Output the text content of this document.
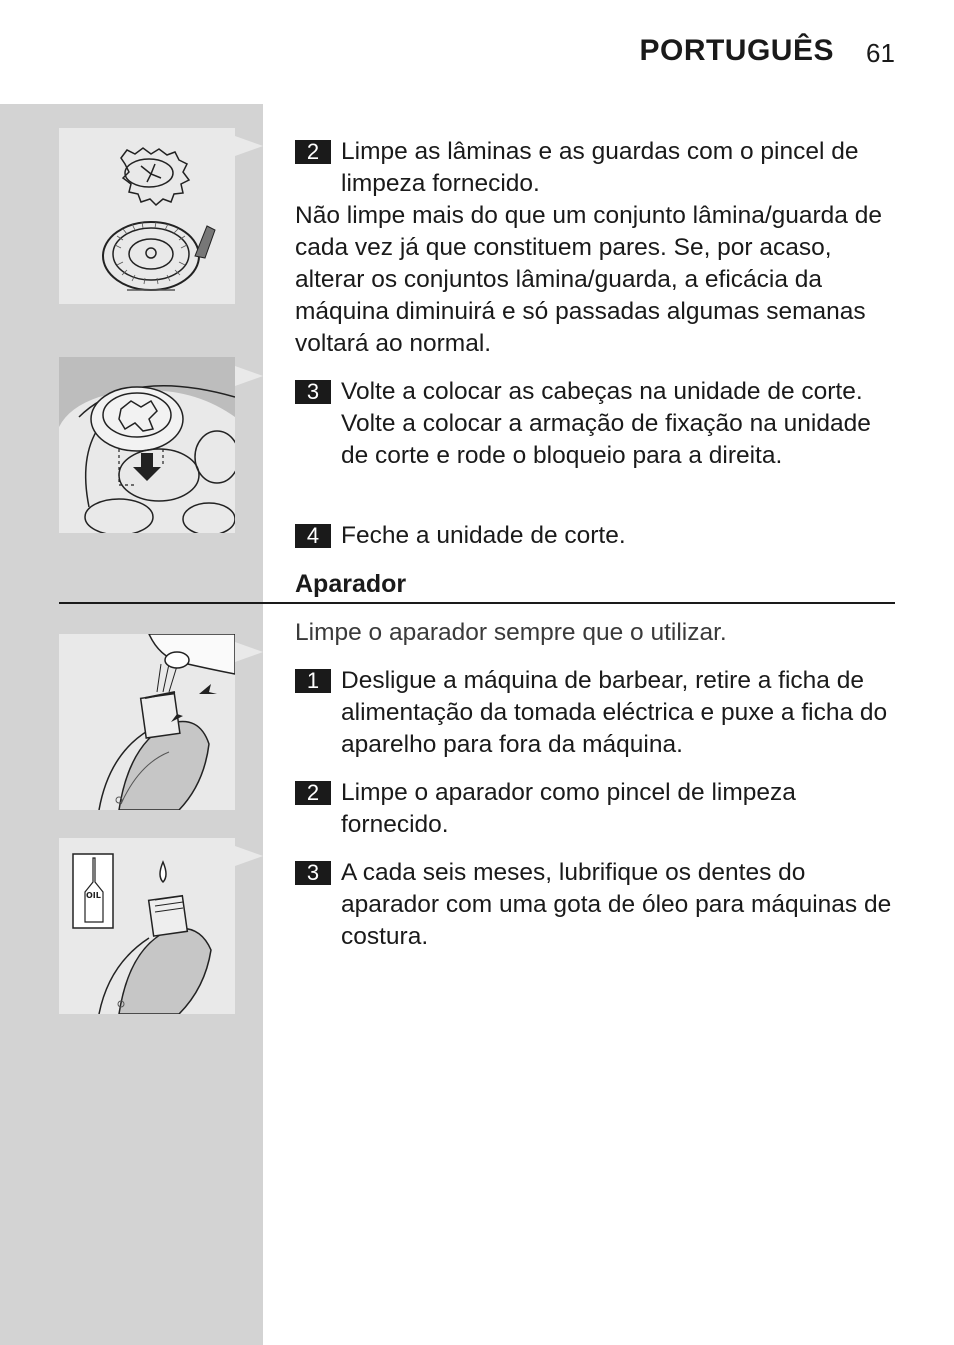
PORTUGUÊS 61
OIL
2 Limpe as lâminas e as guardas com o pincel de limpeza fornecido.
Não limpe mais do que um conjunto lâmina/guarda de cada vez já que constituem pares. Se, por acaso, alterar os conjuntos lâmina/guarda, a eficácia da máquina diminuirá e só passadas algumas semanas voltará ao normal.
3 Volte a colocar as cabeças na unidade de corte. Volte a colocar a armação de fixação na unidade de corte e rode o bloqueio para a direita.
4 Feche a unidade de corte.
Aparador
Limpe o aparador sempre que o utilizar.
1 Desligue a máquina de barbear, retire a ficha de alimentação da tomada eléctrica e puxe a ficha do aparelho para fora da máquina.
2 Limpe o aparador como pincel de limpeza fornecido.
3 A cada seis meses, lubrifique os dentes do aparador com uma gota de óleo para máquinas de costura.
